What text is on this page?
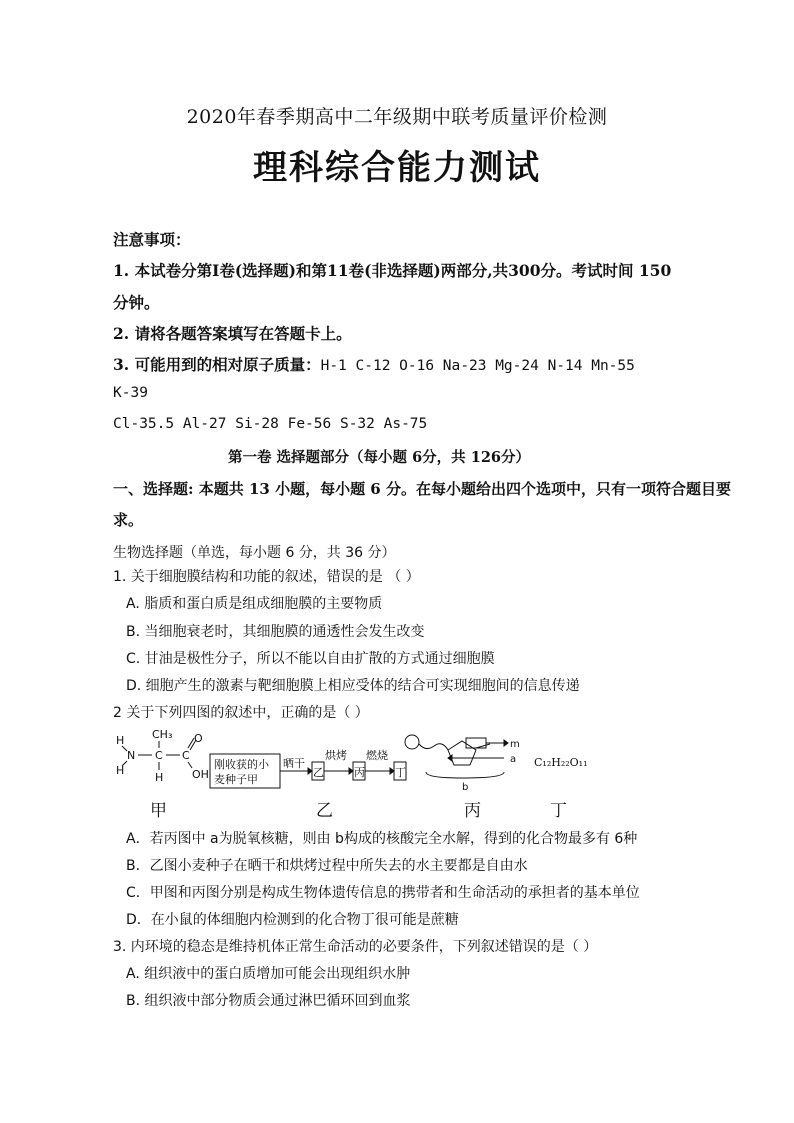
2020年春季期高中二年级期中联考质量评价检测
理科综合能力测试
注意事项：
1. 本试卷分第Ⅰ卷(选择题)和第11卷(非选择题)两部分,共300分。考试时间 150
分钟。
2. 请将各题答案填写在答题卡上。
3. 可能用到的相对原子质量：H-1 C-12 O-16 Na-23 Mg-24 N-14 Mn-55
K-39
Cl-35.5 Al-27 Si-28 Fe-56 S-32 As-75
第一卷 选择题部分（每小题 6分，共 126分）
一、选择题: 本题共 13 小题，每小题 6 分。在每小题给出四个选项中，只有一项符合题目要
求。
生物选择题（单选，每小题 6 分，共 36 分）
1. 关于细胞膜结构和功能的叙述，错误的是 （ ）
A. 脂质和蛋白质是组成细胞膜的主要物质
B. 当细胞衰老时，其细胞膜的通透性会发生改变
C. 甘油是极性分子，所以不能以自由扩散的方式通过细胞膜
D. 细胞产生的激素与靶细胞膜上相应受体的结合可实现细胞间的信息传递
2 关于下列四图的叙述中，正确的是（ ）
H
N
H
CH₃
C
H
C
O
OH
刚收获的小
麦种子甲
晒干
乙
烘烤
丙
燃烧
丁
m
a
b
C₁₂H₂₂O₁₁
甲	乙	丙	丁
A．若丙图中 a为脱氧核糖，则由 b构成的核酸完全水解，得到的化合物最多有 6种
B．乙图小麦种子在晒干和烘烤过程中所失去的水主要都是自由水
C．甲图和丙图分别是构成生物体遗传信息的携带者和生命活动的承担者的基本单位
D．在小鼠的体细胞内检测到的化合物丁很可能是蔗糖
3. 内环境的稳态是维持机体正常生命活动的必要条件，下列叙述错误的是（ ）
A. 组织液中的蛋白质增加可能会出现组织水肿
B. 组织液中部分物质会通过淋巴循环回到血浆
